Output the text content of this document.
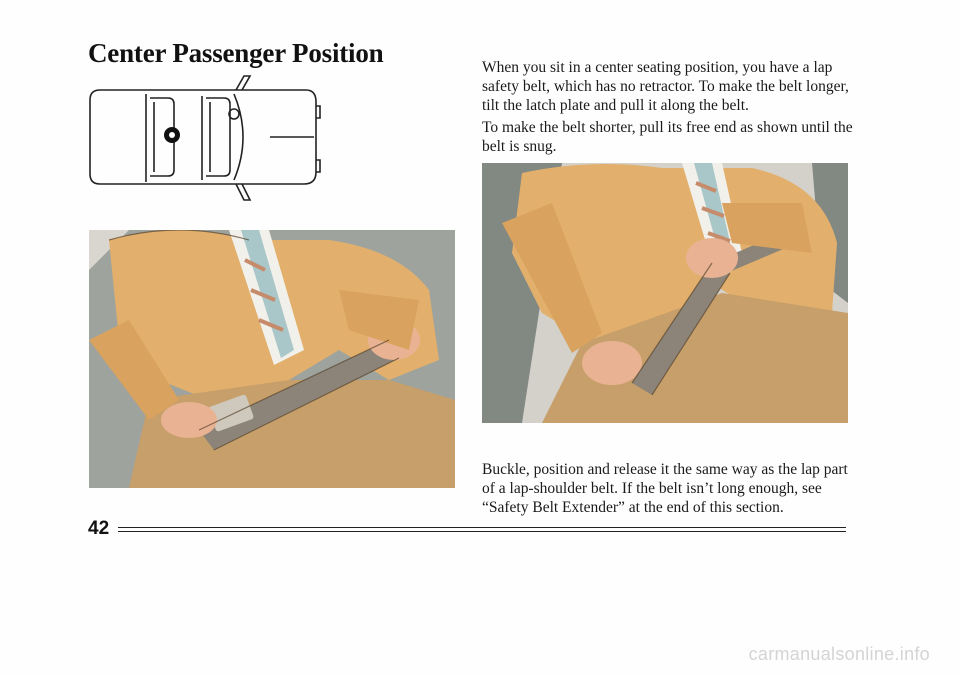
Center Passenger Position	When you sit in a center seating position, you have a lap safety belt, which has no retractor. To make the belt longer, tilt the latch plate and pull it along the belt.

To make the belt shorter, pull its free end as shown until the belt is snug.

Buckle, position and release it the same way as the lap part of a lap-shoulder belt. If the belt isn’t long enough, see “Safety Belt Extender” at the end of this section.

42
carmanualsonline.info
